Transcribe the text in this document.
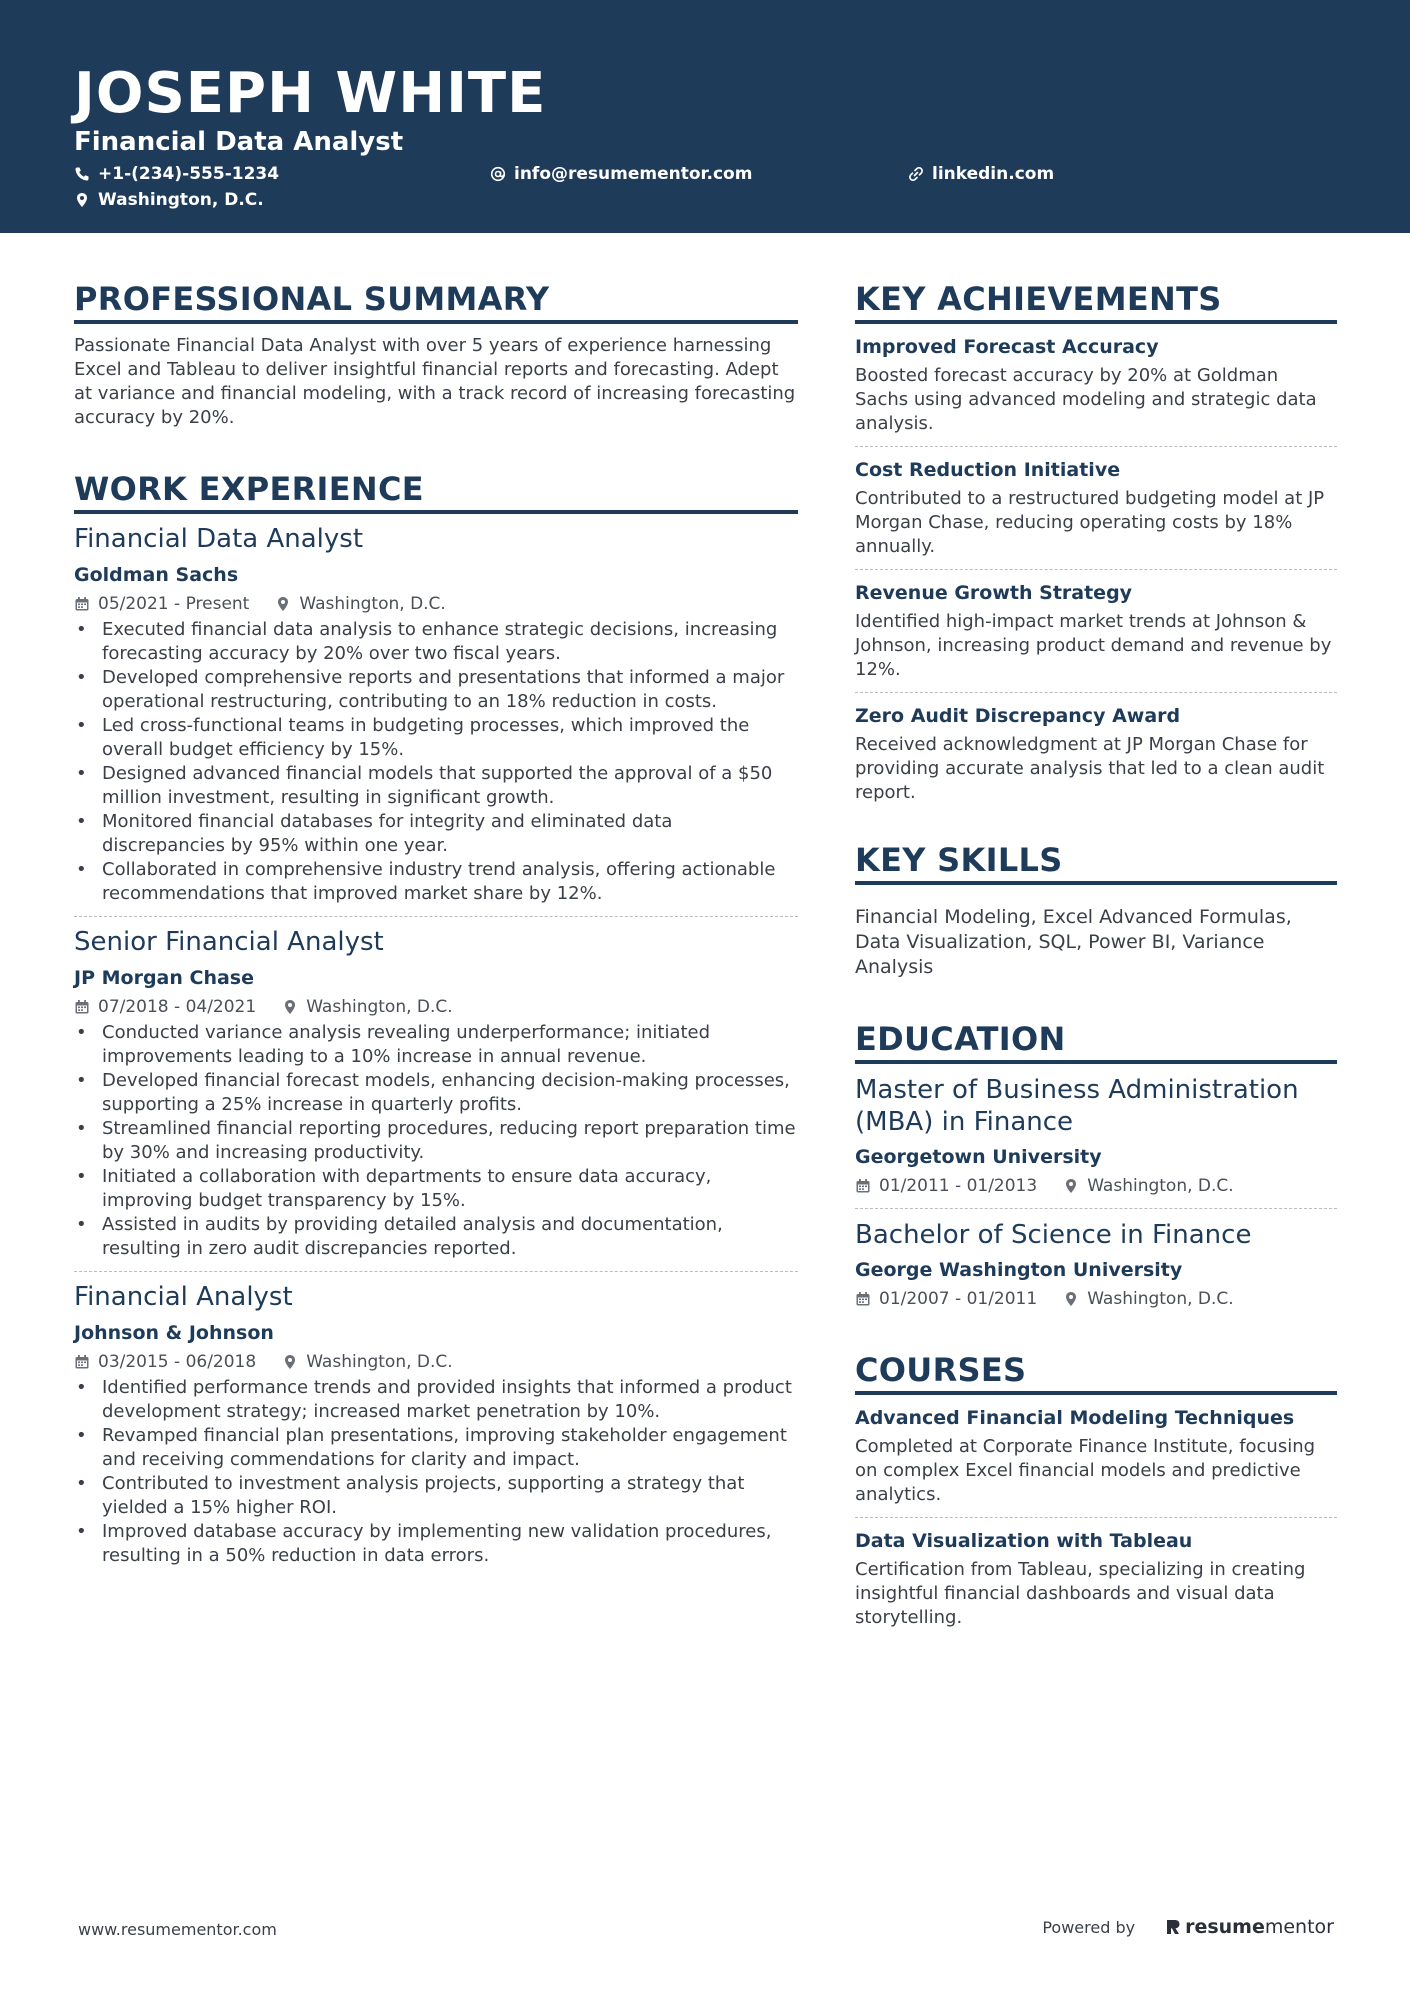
JOSEPH WHITE
Financial Data Analyst
+1-(234)-555-1234	info@resumementor.com	linkedin.com
Washington, D.C.
PROFESSIONAL SUMMARY

Passionate Financial Data Analyst with over 5 years of experience harnessing Excel and Tableau to deliver insightful financial reports and forecasting. Adept at variance and financial modeling, with a track record of increasing forecasting accuracy by 20%.

WORK EXPERIENCE
Financial Data Analyst
Goldman Sachs
05/2021 - Present	Washington, D.C.
• Executed financial data analysis to enhance strategic decisions, increasing forecasting accuracy by 20% over two fiscal years.
• Developed comprehensive reports and presentations that informed a major operational restructuring, contributing to an 18% reduction in costs.
• Led cross-functional teams in budgeting processes, which improved the overall budget efficiency by 15%.
• Designed advanced financial models that supported the approval of a $50 million investment, resulting in significant growth.
• Monitored financial databases for integrity and eliminated data discrepancies by 95% within one year.
• Collaborated in comprehensive industry trend analysis, offering actionable recommendations that improved market share by 12%.
Senior Financial Analyst
JP Morgan Chase
07/2018 - 04/2021	Washington, D.C.
• Conducted variance analysis revealing underperformance; initiated improvements leading to a 10% increase in annual revenue.
• Developed financial forecast models, enhancing decision-making processes, supporting a 25% increase in quarterly profits.
• Streamlined financial reporting procedures, reducing report preparation time by 30% and increasing productivity.
• Initiated a collaboration with departments to ensure data accuracy, improving budget transparency by 15%.
• Assisted in audits by providing detailed analysis and documentation, resulting in zero audit discrepancies reported.
Financial Analyst
Johnson & Johnson
03/2015 - 06/2018	Washington, D.C.
• Identified performance trends and provided insights that informed a product development strategy; increased market penetration by 10%.
• Revamped financial plan presentations, improving stakeholder engagement and receiving commendations for clarity and impact.
• Contributed to investment analysis projects, supporting a strategy that yielded a 15% higher ROI.
• Improved database accuracy by implementing new validation procedures, resulting in a 50% reduction in data errors.
KEY ACHIEVEMENTS
Improved Forecast Accuracy
Boosted forecast accuracy by 20% at Goldman Sachs using advanced modeling and strategic data analysis.
Cost Reduction Initiative
Contributed to a restructured budgeting model at JP Morgan Chase, reducing operating costs by 18% annually.
Revenue Growth Strategy
Identified high-impact market trends at Johnson & Johnson, increasing product demand and revenue by 12%.
Zero Audit Discrepancy Award
Received acknowledgment at JP Morgan Chase for providing accurate analysis that led to a clean audit report.
KEY SKILLS

Financial Modeling, Excel Advanced Formulas, Data Visualization, SQL, Power BI, Variance Analysis

EDUCATION
Master of Business Administration (MBA) in Finance
Georgetown University
01/2011 - 01/2013	Washington, D.C.
Bachelor of Science in Finance
George Washington University
01/2007 - 01/2011	Washington, D.C.
COURSES
Advanced Financial Modeling Techniques
Completed at Corporate Finance Institute, focusing on complex Excel financial models and predictive analytics.
Data Visualization with Tableau
Certification from Tableau, specializing in creating insightful financial dashboards and visual data storytelling.
www.resumementor.com	Powered by	resumementor
